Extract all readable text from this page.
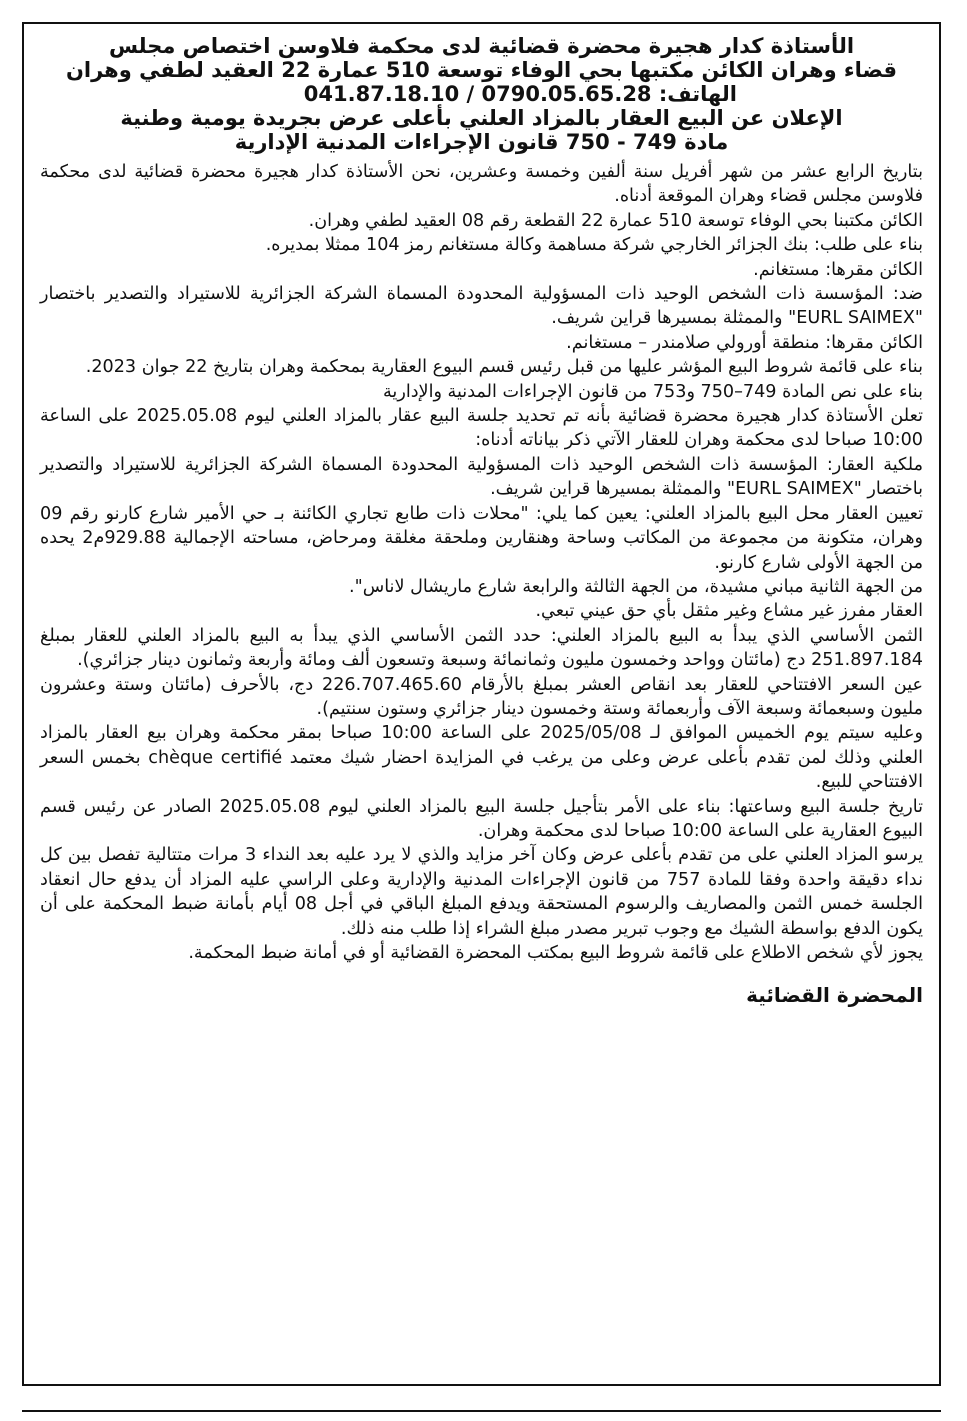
الأستاذة كدار هجيرة محضرة قضائية لدى محكمة فلاوسن اختصاص مجلس
قضاء وهران الكائن مكتبها بحي الوفاء توسعة 510 عمارة 22 العقيد لطفي وهران
الهاتف: 041.87.18.10 / 0790.05.65.28
الإعلان عن البيع العقار بالمزاد العلني بأعلى عرض بجريدة يومية وطنية
مادة 749 - 750 قانون الإجراءات المدنية الإدارية

بتاريخ الرابع عشر من شهر أفريل سنة ألفين وخمسة وعشرين، نحن الأستاذة كدار هجيرة محضرة قضائية لدى محكمة فلاوسن مجلس قضاء وهران الموقعة أدناه.

الكائن مكتبنا بحي الوفاء توسعة 510 عمارة 22 القطعة رقم 08 العقيد لطفي وهران.

بناء على طلب: بنك الجزائر الخارجي شركة مساهمة وكالة مستغانم رمز 104 ممثلا بمديره.

الكائن مقرها: مستغانم.

ضد: المؤسسة ذات الشخص الوحيد ذات المسؤولية المحدودة المسماة الشركة الجزائرية للاستيراد والتصدير باختصار "EURL SAIMEX" والممثلة بمسيرها قراين شريف.

الكائن مقرها: منطقة أورولي صلامندر – مستغانم.

بناء على قائمة شروط البيع المؤشر عليها من قبل رئيس قسم البيوع العقارية بمحكمة وهران بتاريخ 22 جوان 2023.

بناء على نص المادة 749–750 و753 من قانون الإجراءات المدنية والإدارية

تعلن الأستاذة كدار هجيرة محضرة قضائية بأنه تم تحديد جلسة البيع عقار بالمزاد العلني ليوم 2025.05.08 على الساعة 10:00 صباحا لدى محكمة وهران للعقار الآتي ذكر بياناته أدناه:

ملكية العقار: المؤسسة ذات الشخص الوحيد ذات المسؤولية المحدودة المسماة الشركة الجزائرية للاستيراد والتصدير باختصار "EURL SAIMEX" والممثلة بمسيرها قراين شريف.

تعيين العقار محل البيع بالمزاد العلني: يعين كما يلي: "محلات ذات طابع تجاري الكائنة بـ حي الأمير شارع كارنو رقم 09 وهران، متكونة من مجموعة من المكاتب وساحة وهنقارين وملحقة مغلقة ومرحاض، مساحته الإجمالية 929.88م2 يحده من الجهة الأولى شارع كارنو.

من الجهة الثانية مباني مشيدة، من الجهة الثالثة والرابعة شارع ماريشال لاناس".

العقار مفرز غير مشاع وغير مثقل بأي حق عيني تبعي.

الثمن الأساسي الذي يبدأ به البيع بالمزاد العلني: حدد الثمن الأساسي الذي يبدأ به البيع بالمزاد العلني للعقار بمبلغ 251.897.184 دج (مائتان وواحد وخمسون مليون وثمانمائة وسبعة وتسعون ألف ومائة وأربعة وثمانون دينار جزائري).

عين السعر الافتتاحي للعقار بعد انقاص العشر بمبلغ بالأرقام 226.707.465.60 دج، بالأحرف (مائتان وستة وعشرون مليون وسبعمائة وسبعة الآف وأربعمائة وستة وخمسون دينار جزائري وستون سنتيم).

وعليه سيتم يوم الخميس الموافق لـ 2025/05/08 على الساعة 10:00 صباحا بمقر محكمة وهران بيع العقار بالمزاد العلني وذلك لمن تقدم بأعلى عرض وعلى من يرغب في المزايدة احضار شيك معتمد chèque certifié بخمس السعر الافتتاحي للبيع.

تاريخ جلسة البيع وساعتها: بناء على الأمر بتأجيل جلسة البيع بالمزاد العلني ليوم 2025.05.08 الصادر عن رئيس قسم البيوع العقارية على الساعة 10:00 صباحا لدى محكمة وهران.

يرسو المزاد العلني على من تقدم بأعلى عرض وكان آخر مزايد والذي لا يرد عليه بعد النداء 3 مرات متتالية تفصل بين كل نداء دقيقة واحدة وفقا للمادة 757 من قانون الإجراءات المدنية والإدارية وعلى الراسي عليه المزاد أن يدفع حال انعقاد الجلسة خمس الثمن والمصاريف والرسوم المستحقة ويدفع المبلغ الباقي في أجل 08 أيام بأمانة ضبط المحكمة على أن يكون الدفع بواسطة الشيك مع وجوب تبرير مصدر مبلغ الشراء إذا طلب منه ذلك.

يجوز لأي شخص الاطلاع على قائمة شروط البيع بمكتب المحضرة القضائية أو في أمانة ضبط المحكمة.

المحضرة القضائية
